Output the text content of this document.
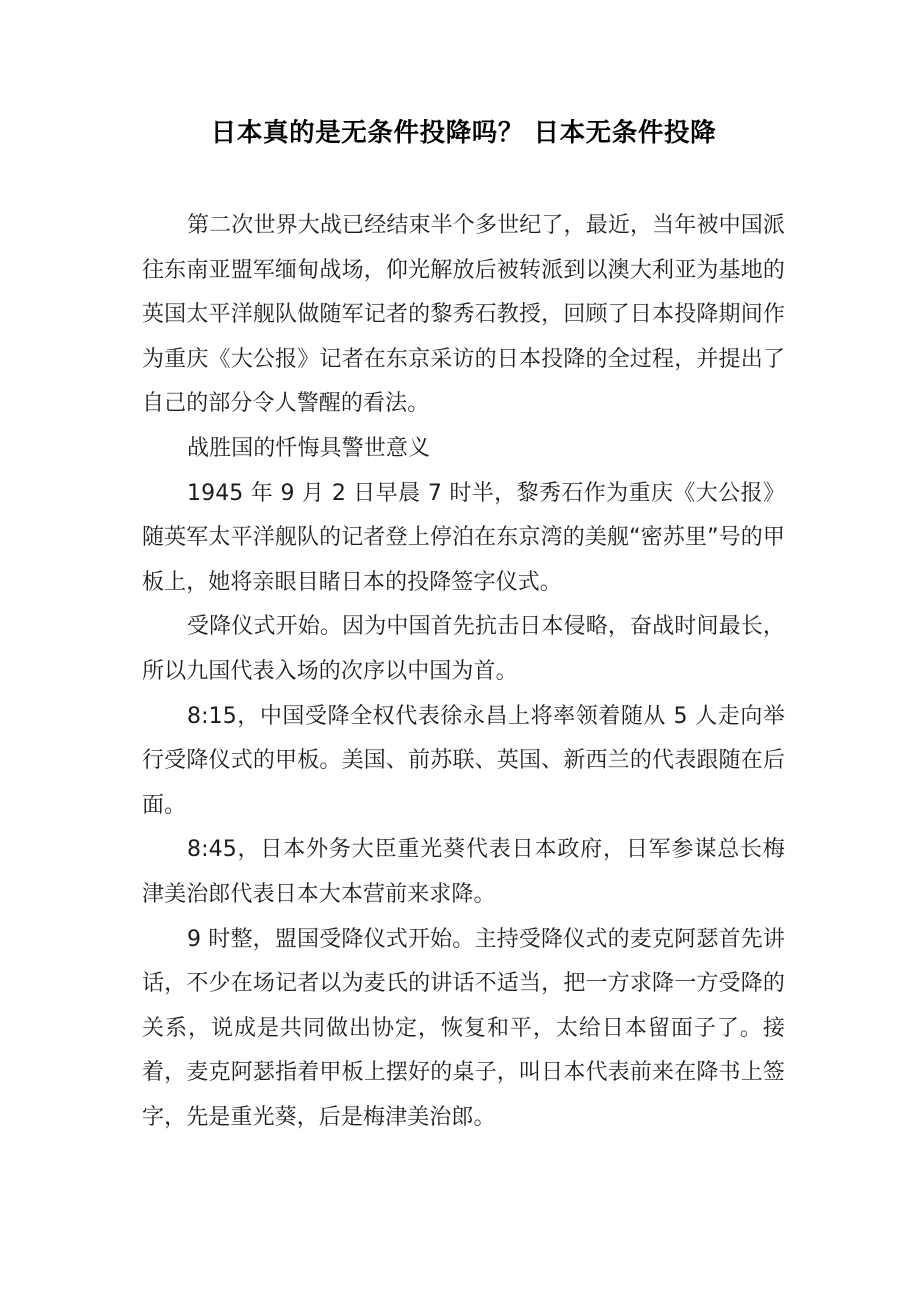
日本真的是无条件投降吗？ 日本无条件投降

第二次世界大战已经结束半个多世纪了，最近，当年被中国派往东南亚盟军缅甸战场，仰光解放后被转派到以澳大利亚为基地的英国太平洋舰队做随军记者的黎秀石教授，回顾了日本投降期间作为重庆《大公报》记者在东京采访的日本投降的全过程，并提出了自己的部分令人警醒的看法。

战胜国的忏悔具警世意义

1945 年 9 月 2 日早晨 7 时半，黎秀石作为重庆《大公报》随英军太平洋舰队的记者登上停泊在东京湾的美舰“密苏里”号的甲板上，她将亲眼目睹日本的投降签字仪式。

受降仪式开始。因为中国首先抗击日本侵略，奋战时间最长，所以九国代表入场的次序以中国为首。

8:15，中国受降全权代表徐永昌上将率领着随从 5 人走向举行受降仪式的甲板。美国、前苏联、英国、新西兰的代表跟随在后面。

8:45，日本外务大臣重光葵代表日本政府，日军参谋总长梅津美治郎代表日本大本营前来求降。

9 时整，盟国受降仪式开始。主持受降仪式的麦克阿瑟首先讲话，不少在场记者以为麦氏的讲话不适当，把一方求降一方受降的关系，说成是共同做出协定，恢复和平，太给日本留面子了。接着，麦克阿瑟指着甲板上摆好的桌子，叫日本代表前来在降书上签字，先是重光葵，后是梅津美治郎。
